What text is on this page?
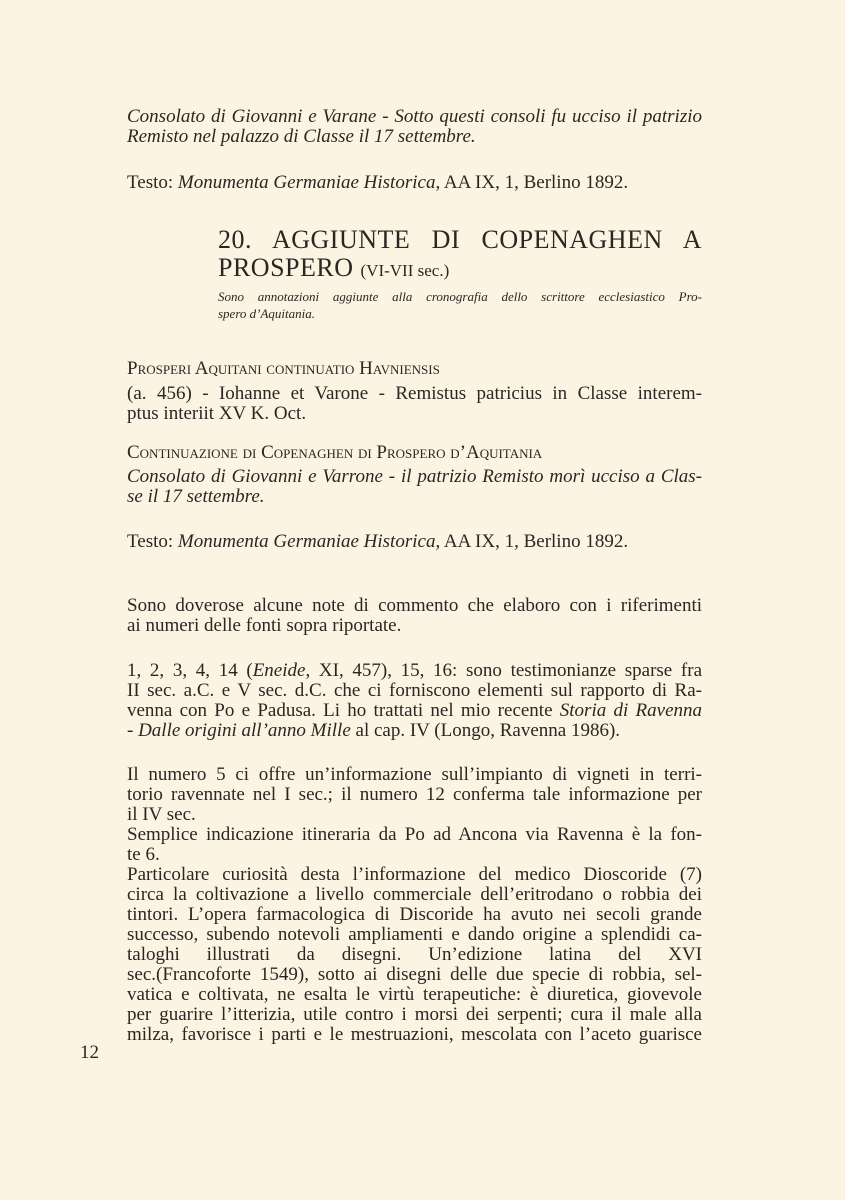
Consolato di Giovanni e Varane - Sotto questi consoli fu ucciso il patrizio
Remisto nel palazzo di Classe il 17 settembre.
Testo: Monumenta Germaniae Historica, AA IX, 1, Berlino 1892.
20. AGGIUNTE DI COPENAGHEN A
PROSPERO (VI-VII sec.)
Sono annotazioni aggiunte alla cronografia dello scrittore ecclesiastico Pro-
spero d’Aquitania.
Prosperi Aquitani continuatio Havniensis
(a. 456) - Iohanne et Varone - Remistus patricius in Classe interem-
ptus interiit XV K. Oct.
Continuazione di Copenaghen di Prospero d’Aquitania
Consolato di Giovanni e Varrone - il patrizio Remisto morì ucciso a Clas-
se il 17 settembre.
Testo: Monumenta Germaniae Historica, AA IX, 1, Berlino 1892.
Sono doverose alcune note di commento che elaboro con i riferimenti
ai numeri delle fonti sopra riportate.
1, 2, 3, 4, 14 (Eneide, XI, 457), 15, 16: sono testimonianze sparse fra
II sec. a.C. e V sec. d.C. che ci forniscono elementi sul rapporto di Ra-
venna con Po e Padusa. Li ho trattati nel mio recente Storia di Ravenna
- Dalle origini all’anno Mille al cap. IV (Longo, Ravenna 1986).
Il numero 5 ci offre un’informazione sull’impianto di vigneti in terri-
torio ravennate nel I sec.; il numero 12 conferma tale informazione per
il IV sec.
Semplice indicazione itineraria da Po ad Ancona via Ravenna è la fon-
te 6.
Particolare curiosità desta l’informazione del medico Dioscoride (7)
circa la coltivazione a livello commerciale dell’eritrodano o robbia dei
tintori. L’opera farmacologica di Discoride ha avuto nei secoli grande
successo, subendo notevoli ampliamenti e dando origine a splendidi ca-
taloghi illustrati da disegni. Un’edizione latina del XVI
sec.(Francoforte 1549), sotto ai disegni delle due specie di robbia, sel-
vatica e coltivata, ne esalta le virtù terapeutiche: è diuretica, giovevole
per guarire l’itterizia, utile contro i morsi dei serpenti; cura il male alla
milza, favorisce i parti e le mestruazioni, mescolata con l’aceto guarisce
12
